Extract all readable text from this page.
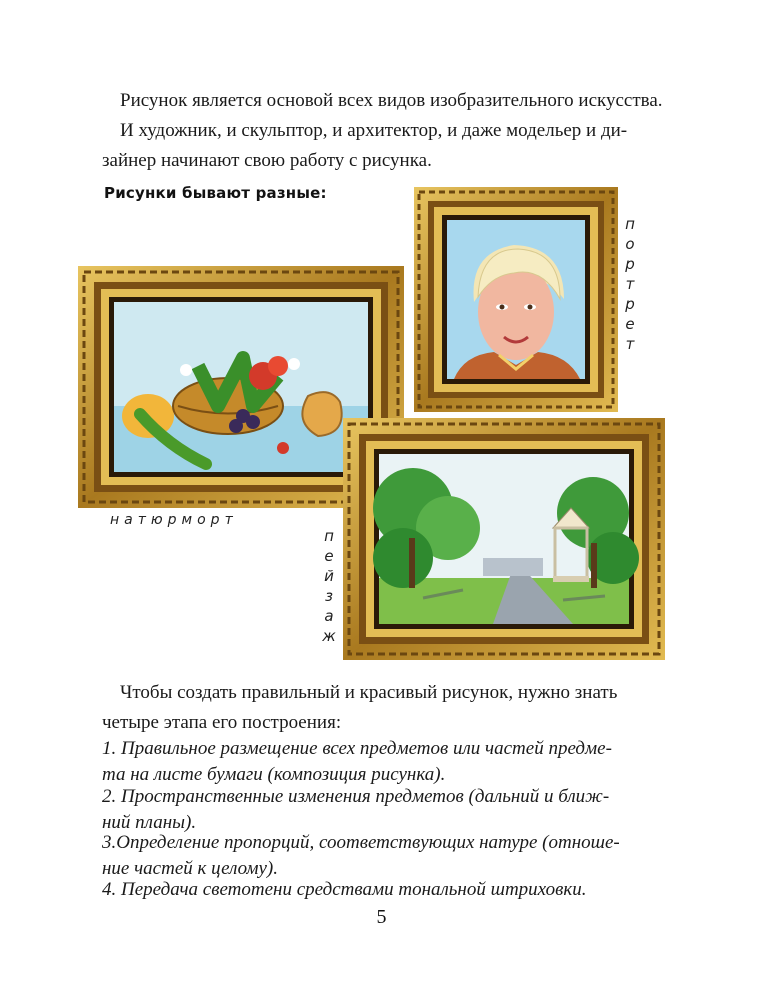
Рисунок является основой всех видов изобразительного искусства.
И художник, и скульптор, и архитектор, и даже модельер и ди-
зайнер начинают свою работу с рисунка.

Рисунки бывают разные:

п
о
р
т
р
е
т

натюрморт

п
е
й
з
а
ж

Чтобы создать правильный и красивый рисунок, нужно знать
четыре этапа его построения:

1. Правильное размещение всех предметов или частей предме-
та на листе бумаги (композиция рисунка).

2. Пространственные изменения предметов (дальний и ближ-
ний планы).

3.Определение пропорций, соответствующих натуре (отноше-
ние частей к целому).

4. Передача светотени средствами тональной штриховки.

5
